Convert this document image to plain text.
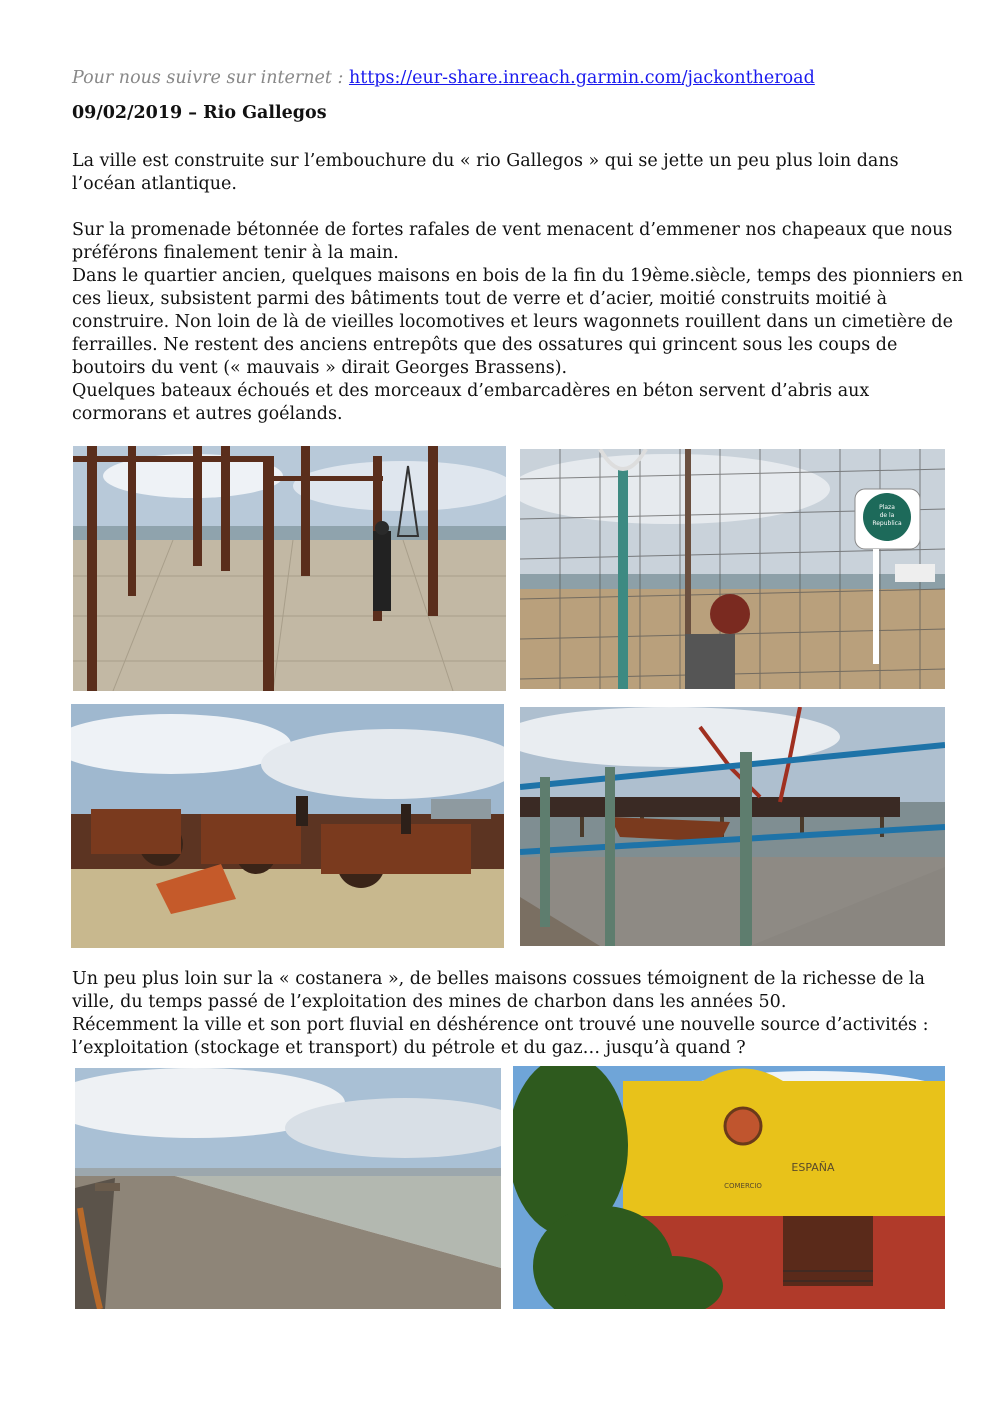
Pour nous suivre sur internet : https://eur-share.inreach.garmin.com/jackontheroad
09/02/2019 – Rio Gallegos
La ville est construite sur l’embouchure du « rio Gallegos » qui se jette un peu plus loin dans
l’océan atlantique.
Sur la promenade bétonnée de fortes rafales de vent menacent d’emmener nos chapeaux que nous
préférons finalement tenir à la main.
Dans le quartier ancien, quelques maisons en bois de la fin du 19ème.siècle, temps des pionniers en
ces lieux, subsistent parmi des bâtiments tout de verre et d’acier, moitié construits moitié à
construire. Non loin de là de vieilles locomotives et leurs wagonnets rouillent dans un cimetière de
ferrailles. Ne restent des anciens entrepôts que des ossatures qui grincent sous les coups de
boutoirs du vent (« mauvais » dirait Georges Brassens).
Quelques bateaux échoués et des morceaux d’embarcadères en béton servent d’abris aux
cormorans et autres goélands.
Plaza
de la
Republica
Un peu plus loin sur la « costanera », de belles maisons cossues témoignent de la richesse de la
ville, du temps passé de l’exploitation des mines de charbon dans les années 50.
Récemment la ville et son port fluvial en déshérence ont trouvé une nouvelle source d’activités :
l’exploitation (stockage et transport) du pétrole et du gaz… jusqu’à quand ?
ESPAÑA
COMERCIO
